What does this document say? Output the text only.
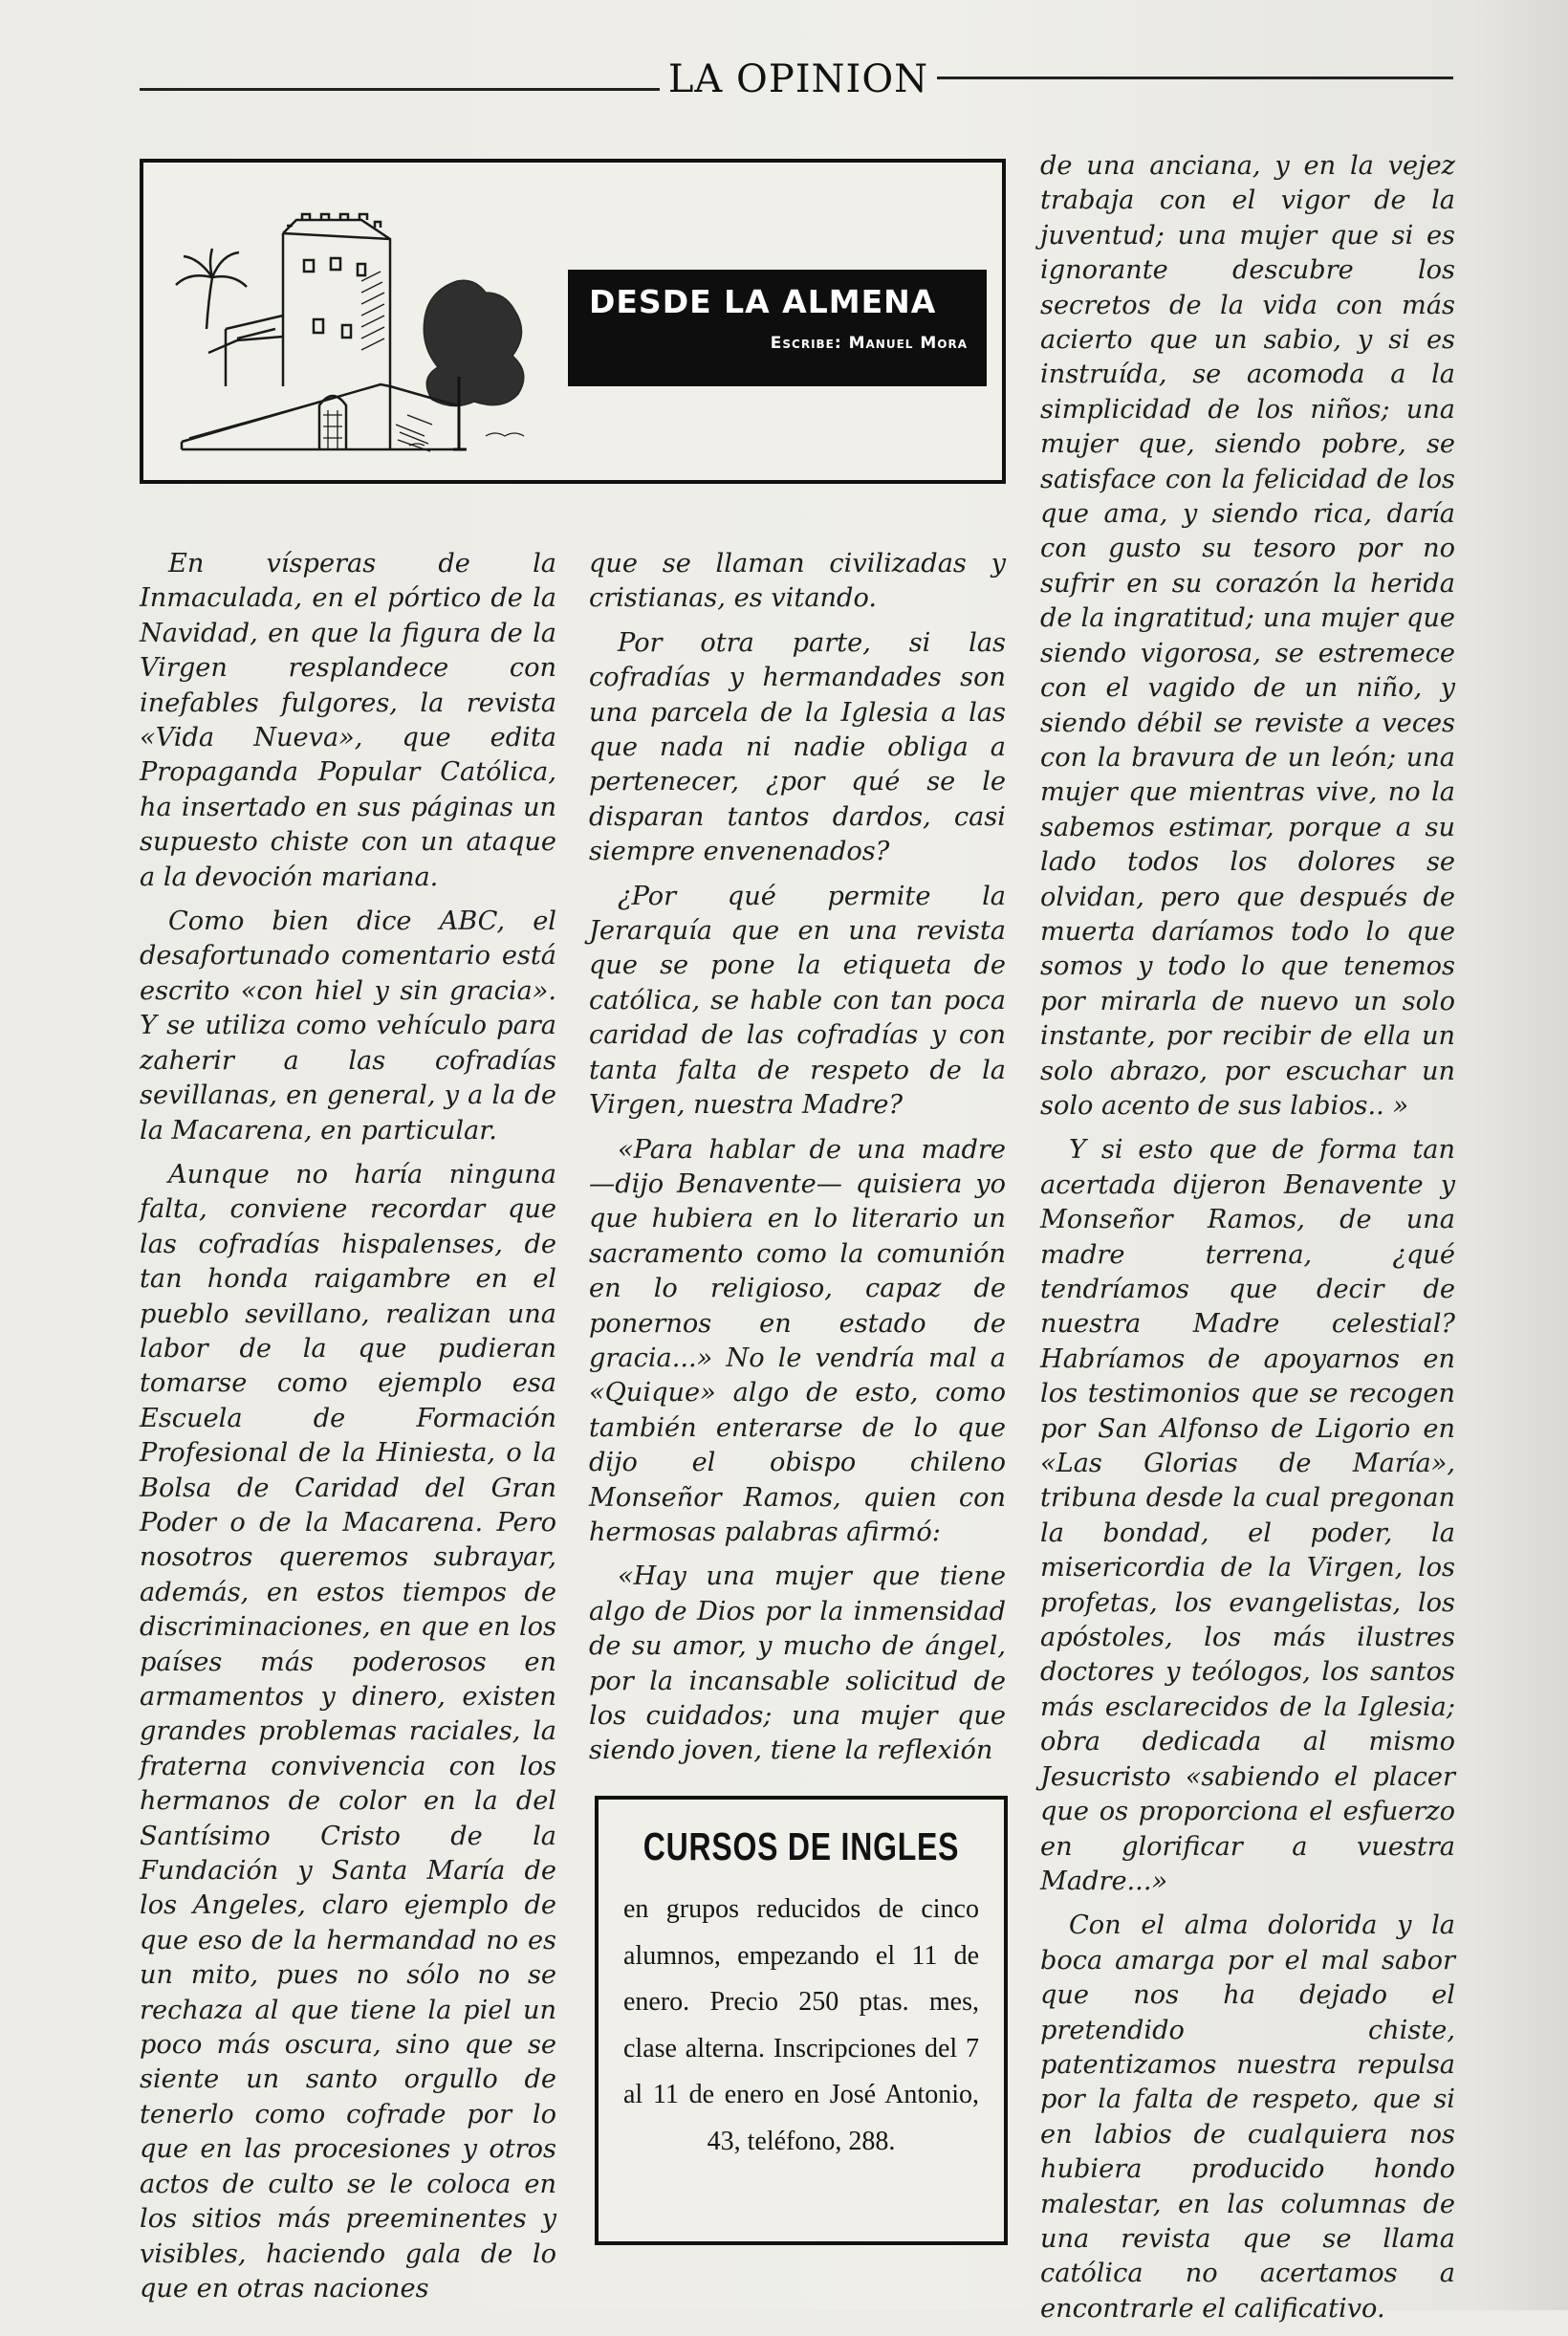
LA OPINION
DESDE LA ALMENA
Escribe: Manuel Mora

En vísperas de la Inmaculada, en el pórtico de la Navidad, en que la figura de la Virgen resplandece con inefables fulgores, la revista «Vida Nueva», que edita Propaganda Popular Católica, ha insertado en sus páginas un supuesto chiste con un ataque a la devoción mariana.

Como bien dice ABC, el desafortunado comentario está escrito «con hiel y sin gracia». Y se utiliza como vehículo para zaherir a las cofradías sevillanas, en general, y a la de la Macarena, en particular.

Aunque no haría ninguna falta, conviene recordar que las cofradías hispalenses, de tan honda raigambre en el pueblo sevillano, realizan una labor de la que pudieran tomarse como ejemplo esa Escuela de Formación Profesional de la Hiniesta, o la Bolsa de Caridad del Gran Poder o de la Macarena. Pero nosotros queremos subrayar, además, en estos tiempos de discriminaciones, en que en los países más poderosos en armamentos y dinero, existen grandes problemas raciales, la fraterna convivencia con los hermanos de color en la del Santísimo Cristo de la Fundación y Santa María de los Angeles, claro ejemplo de que eso de la hermandad no es un mito, pues no sólo no se rechaza al que tiene la piel un poco más oscura, sino que se siente un santo orgullo de tenerlo como cofrade por lo que en las procesiones y otros actos de culto se le coloca en los sitios más preeminentes y visibles, haciendo gala de lo que en otras naciones

que se llaman civilizadas y cristianas, es vitando.

Por otra parte, si las cofradías y hermandades son una parcela de la Iglesia a las que nada ni nadie obliga a pertenecer, ¿por qué se le disparan tantos dardos, casi siempre envenenados?

¿Por qué permite la Jerarquía que en una revista que se pone la etiqueta de católica, se hable con tan poca caridad de las cofradías y con tanta falta de respeto de la Virgen, nuestra Madre?

«Para hablar de una madre —dijo Benavente— quisiera yo que hubiera en lo literario un sacramento como la comunión en lo religioso, capaz de ponernos en estado de gracia...» No le vendría mal a «Quique» algo de esto, como también enterarse de lo que dijo el obispo chileno Monseñor Ramos, quien con hermosas palabras afirmó:

«Hay una mujer que tiene algo de Dios por la inmensidad de su amor, y mucho de ángel, por la incansable solicitud de los cuidados; una mujer que siendo joven, tiene la reflexión

CURSOS DE INGLES
en grupos reducidos de cinco alumnos, empezando el 11 de enero. Precio 250 ptas. mes, clase alterna. Inscripciones del 7 al 11 de enero en José Antonio, 43, teléfono, 288.

de una anciana, y en la vejez trabaja con el vigor de la juventud; una mujer que si es ignorante descubre los secretos de la vida con más acierto que un sabio, y si es instruída, se acomoda a la simplicidad de los niños; una mujer que, siendo pobre, se satisface con la felicidad de los que ama, y siendo rica, daría con gusto su tesoro por no sufrir en su corazón la herida de la ingratitud; una mujer que siendo vigorosa, se estremece con el vagido de un niño, y siendo débil se reviste a veces con la bravura de un león; una mujer que mientras vive, no la sabemos estimar, porque a su lado todos los dolores se olvidan, pero que después de muerta daríamos todo lo que somos y todo lo que tenemos por mirarla de nuevo un solo instante, por recibir de ella un solo abrazo, por escuchar un solo acento de sus labios.. »

Y si esto que de forma tan acertada dijeron Benavente y Monseñor Ramos, de una madre terrena, ¿qué tendríamos que decir de nuestra Madre celestial? Habríamos de apoyarnos en los testimonios que se recogen por San Alfonso de Ligorio en «Las Glorias de María», tribuna desde la cual pregonan la bondad, el poder, la misericordia de la Virgen, los profetas, los evangelistas, los apóstoles, los más ilustres doctores y teólogos, los santos más esclarecidos de la Iglesia; obra dedicada al mismo Jesucristo «sabiendo el placer que os proporciona el esfuerzo en glorificar a vuestra Madre...»

Con el alma dolorida y la boca amarga por el mal sabor que nos ha dejado el pretendido chiste, patentizamos nuestra repulsa por la falta de respeto, que si en labios de cualquiera nos hubiera producido hondo malestar, en las columnas de una revista que se llama católica no acertamos a encontrarle el calificativo.
